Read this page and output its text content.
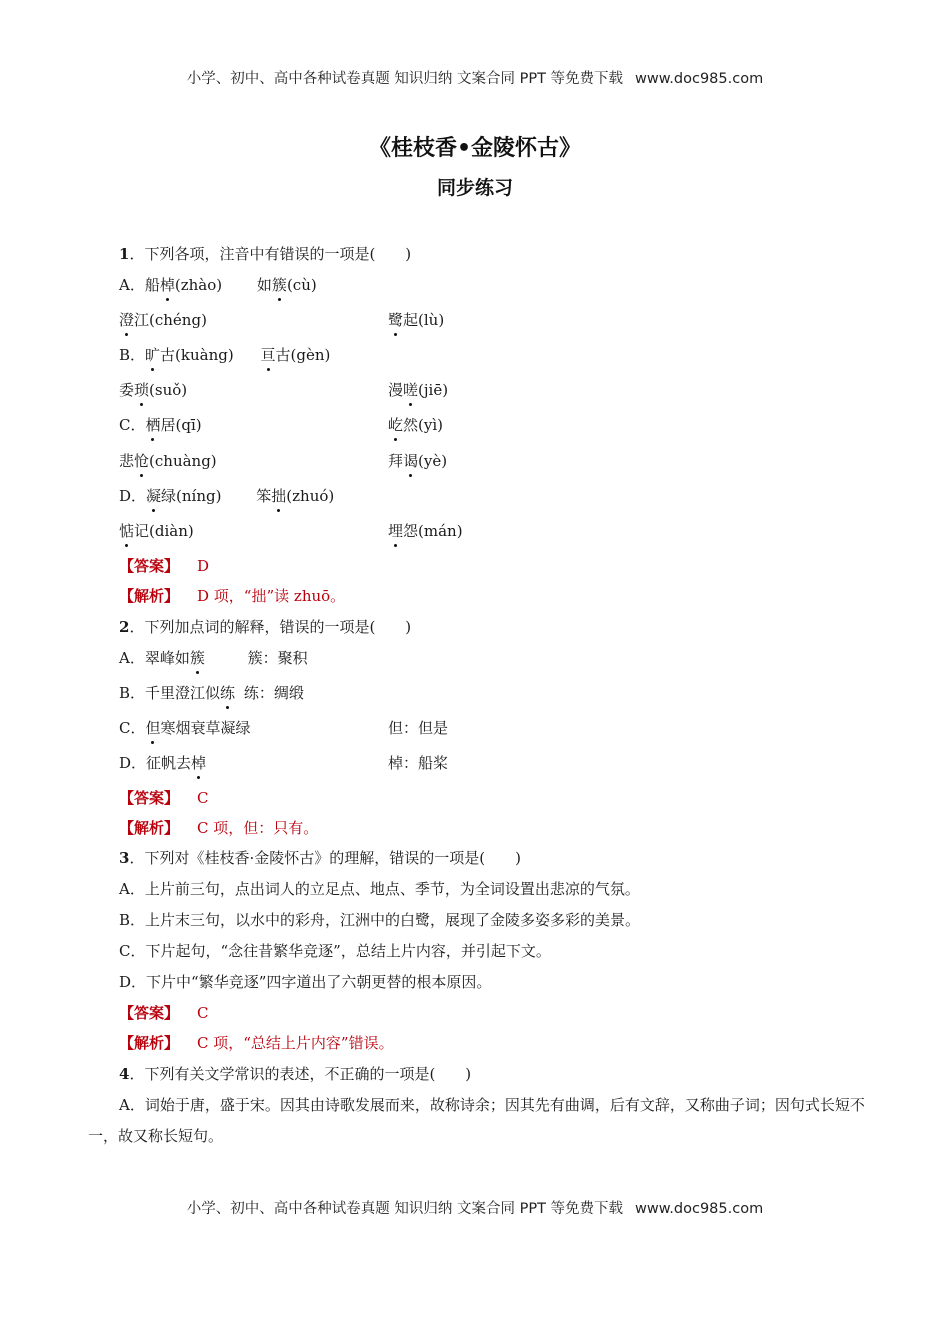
小学、初中、高中各种试卷真题 知识归纳 文案合同 PPT 等免费下载 www.doc985.com
《桂枝香•金陵怀古》
同步练习
1．下列各项，注音中有错误的一项是( )
A．船棹(zhào) 如簇(cù)
澄江(chéng)	鹭起(lù)
B．旷古(kuàng) 亘古(gèn)
委琐(suǒ)	漫嗟(jiē)
C．栖居(qī)	屹然(yì)
悲怆(chuàng)	拜谒(yè)
D．凝绿(níng) 笨拙(zhuó)
惦记(diàn)	埋怨(mán)
【答案】 D
【解析】 D 项，“拙”读 zhuō。
2．下列加点词的解释，错误的一项是( )
A．翠峰如簇	簇：聚积
B．千里澄江似练 练：绸缎
C．但寒烟衰草凝绿	但：但是
D．征帆去棹	棹：船桨
【答案】 C
【解析】 C 项，但：只有。
3．下列对《桂枝香·金陵怀古》的理解，错误的一项是( )
A．上片前三句，点出词人的立足点、地点、季节，为全词设置出悲凉的气氛。
B．上片末三句，以水中的彩舟，江洲中的白鹭，展现了金陵多姿多彩的美景。
C．下片起句，“念往昔繁华竞逐”，总结上片内容，并引起下文。
D．下片中“繁华竞逐”四字道出了六朝更替的根本原因。
【答案】 C
【解析】 C 项，“总结上片内容”错误。
4．下列有关文学常识的表述，不正确的一项是( )
A．词始于唐，盛于宋。因其由诗歌发展而来，故称诗余；因其先有曲调，后有文辞，又称曲子词；因句式长短不一，故又称长短句。
小学、初中、高中各种试卷真题 知识归纳 文案合同 PPT 等免费下载 www.doc985.com
